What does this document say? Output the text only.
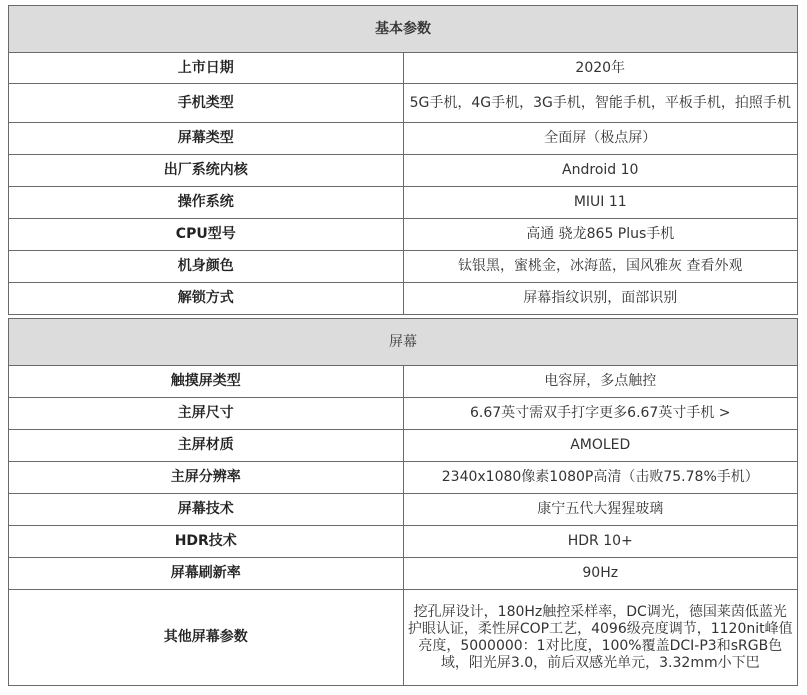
基本参数	
上市日期	2020年
手机类型	5G手机，4G手机，3G手机，智能手机，平板手机，拍照手机
屏幕类型	全面屏（极点屏）
出厂系统内核	Android 10
操作系统	MIUI 11
CPU型号	高通 骁龙865 Plus手机
机身颜色	钛银黑，蜜桃金，冰海蓝，国风雅灰 查看外观
解锁方式	屏幕指纹识别，面部识别

屏幕	
触摸屏类型	电容屏，多点触控
主屏尺寸	6.67英寸需双手打字更多6.67英寸手机 >
主屏材质	AMOLED
主屏分辨率	2340x1080像素1080P高清（击败75.78%手机）
屏幕技术	康宁五代大猩猩玻璃
HDR技术	HDR 10+
屏幕刷新率	90Hz
其他屏幕参数	挖孔屏设计，180Hz触控采样率，DC调光，德国莱茵低蓝光护眼认证，柔性屏COP工艺，4096级亮度调节，1120nit峰值亮度，5000000：1对比度，100%覆盖DCI-P3和sRGB色域，阳光屏3.0，前后双感光单元，3.32mm小下巴
